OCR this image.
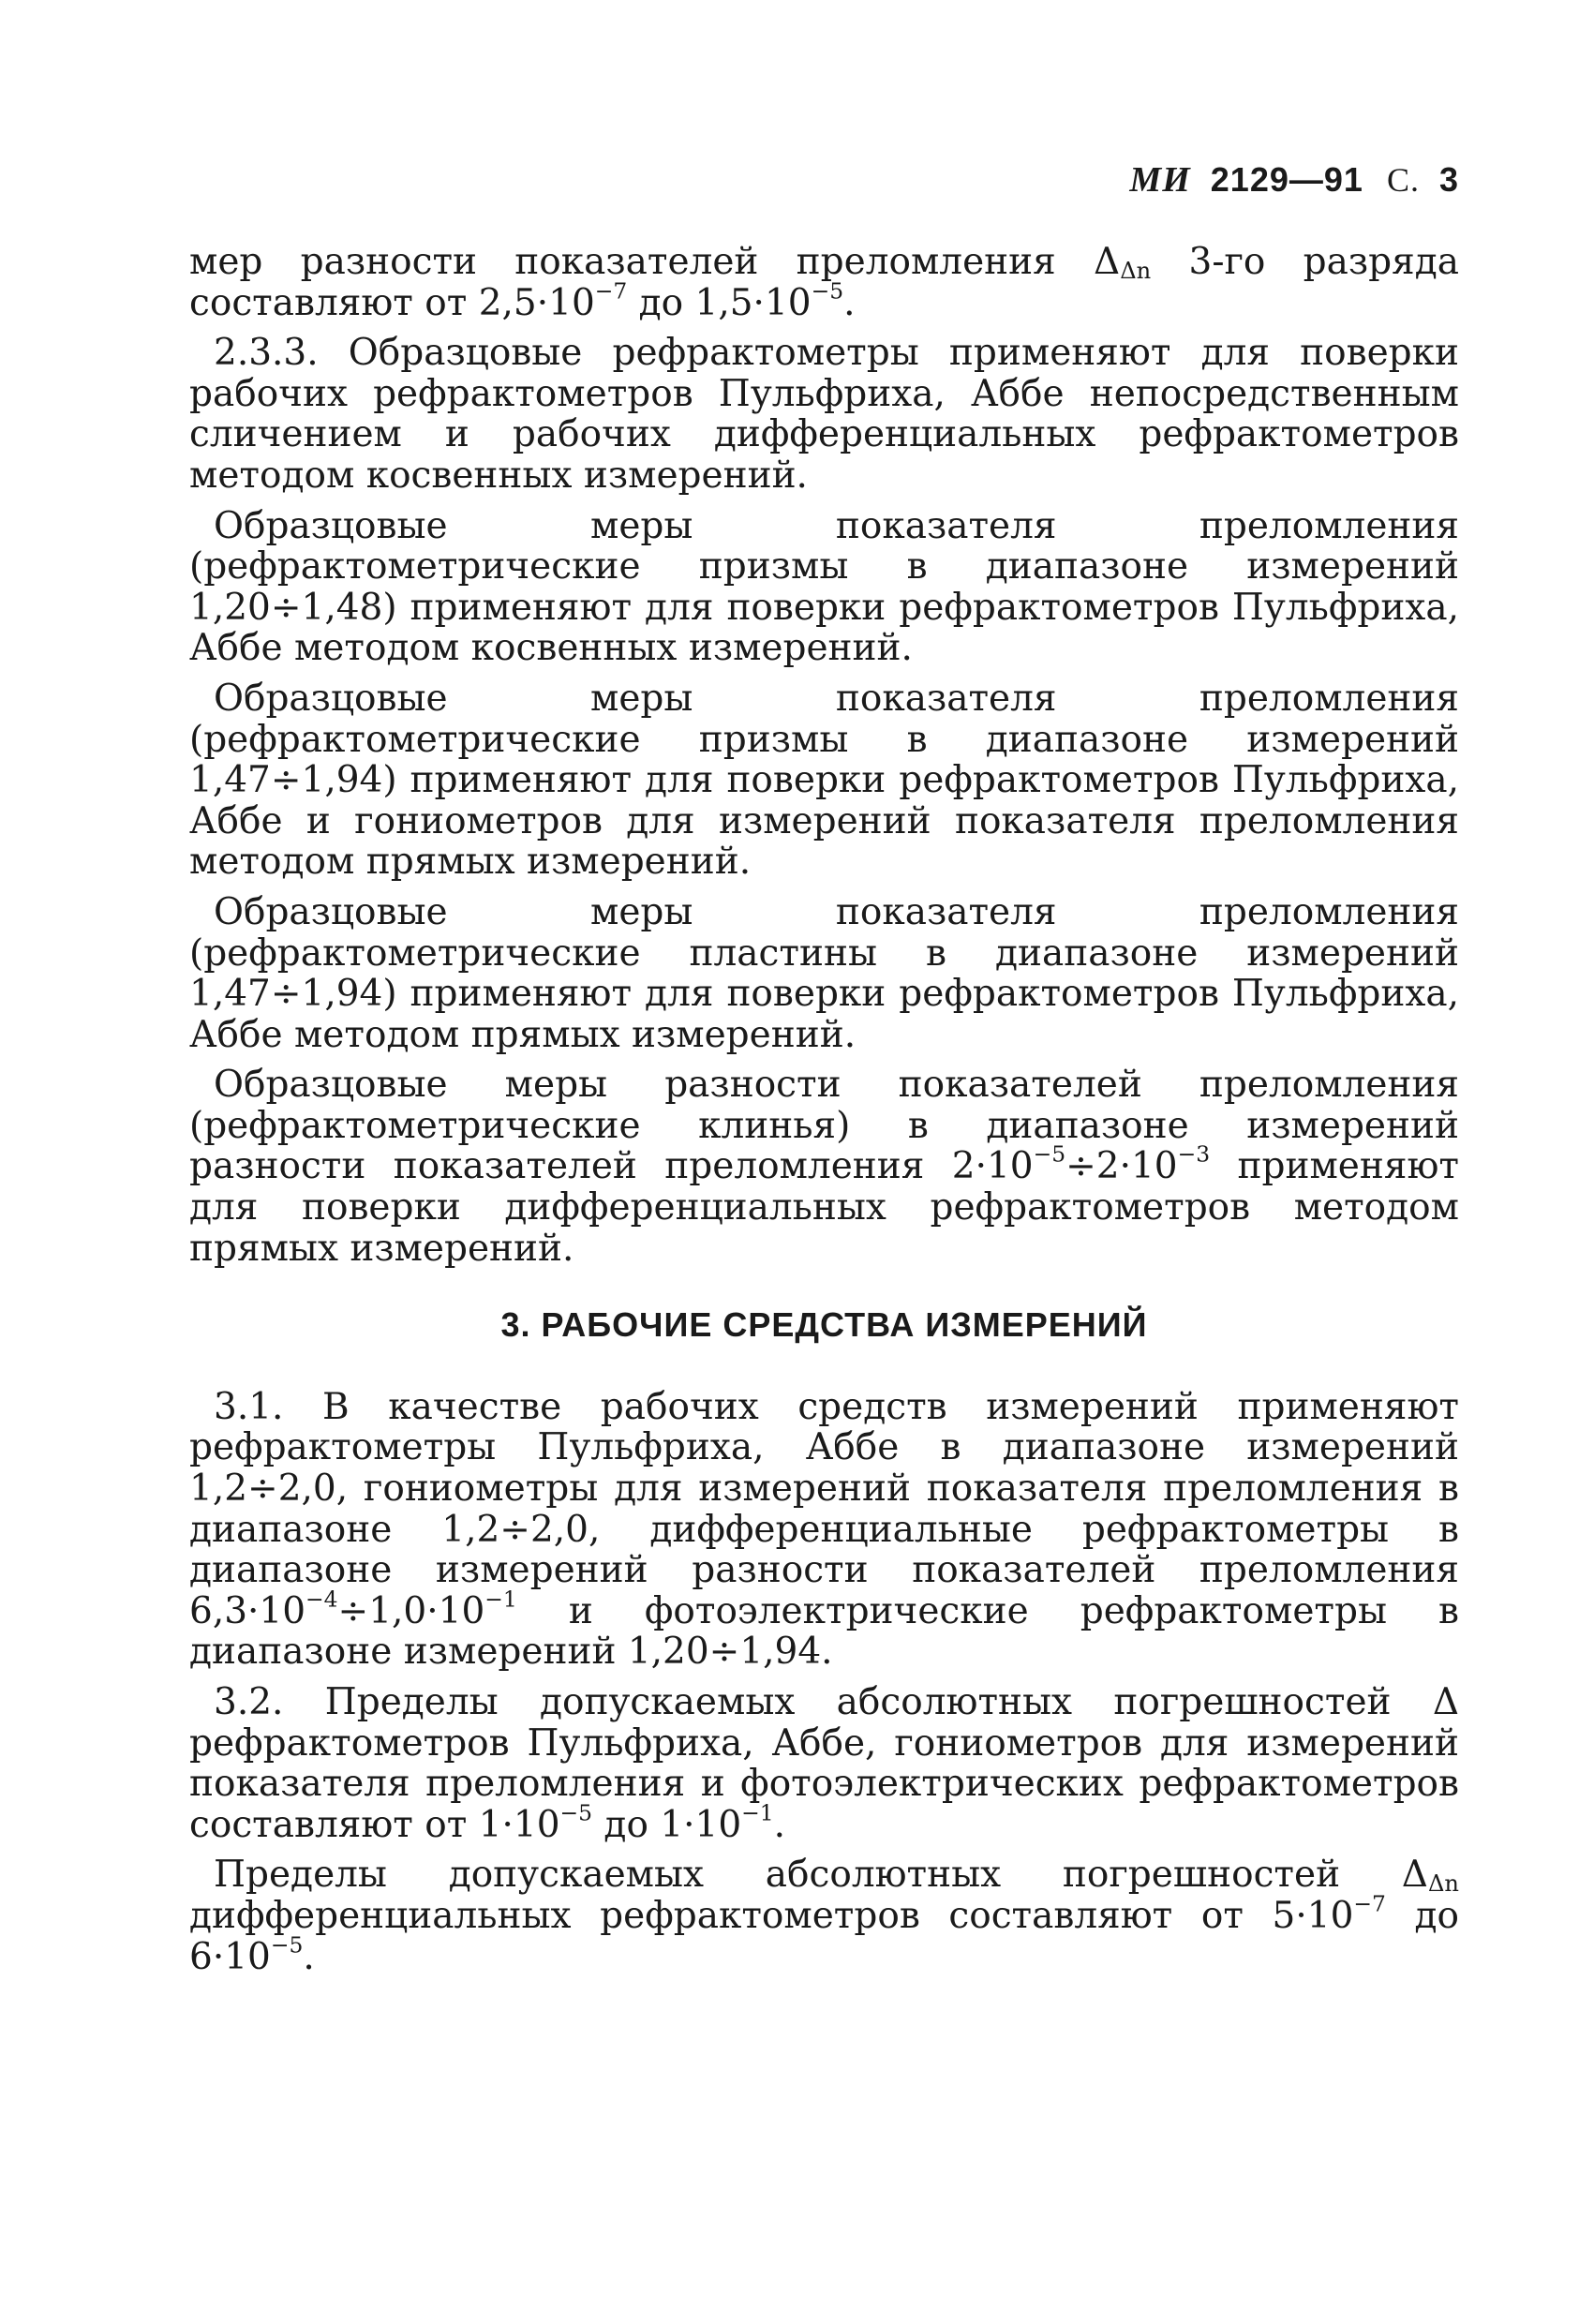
МИ 2129—91 С. 3

мер разности показателей преломления $\Delta_{\Delta n}$ 3-го разряда составляют от $2,5\cdot 10^{-7}$ до $1,5\cdot 10^{-5}$.

2.3.3. Образцовые рефрактометры применяют для поверки рабочих рефрактометров Пульфриха, Аббе непосредственным сличением и рабочих дифференциальных рефрактометров методом косвенных измерений.

Образцовые меры показателя преломления (рефрактометрические призмы в диапазоне измерений 1,20÷1,48) применяют для поверки рефрактометров Пульфриха, Аббе методом косвенных измерений.

Образцовые меры показателя преломления (рефрактометрические призмы в диапазоне измерений 1,47÷1,94) применяют для поверки рефрактометров Пульфриха, Аббе и гониометров для измерений показателя преломления методом прямых измерений.

Образцовые меры показателя преломления (рефрактометрические пластины в диапазоне измерений 1,47÷1,94) применяют для поверки рефрактометров Пульфриха, Аббе методом прямых измерений.

Образцовые меры разности показателей преломления (рефрактометрические клинья) в диапазоне измерений разности показателей преломления $2\cdot 10^{-5}\div 2\cdot 10^{-3}$ применяют для поверки дифференциальных рефрактометров методом прямых измерений.

3. РАБОЧИЕ СРЕДСТВА ИЗМЕРЕНИЙ

3.1. В качестве рабочих средств измерений применяют рефрактометры Пульфриха, Аббе в диапазоне измерений 1,2÷2,0, гониометры для измерений показателя преломления в диапазоне 1,2÷2,0, дифференциальные рефрактометры в диапазоне измерений разности показателей преломления $6,3\cdot 10^{-4}\div 1,0\cdot 10^{-1}$ и фотоэлектрические рефрактометры в диапазоне измерений 1,20÷1,94.

3.2. Пределы допускаемых абсолютных погрешностей Δ рефрактометров Пульфриха, Аббе, гониометров для измерений показателя преломления и фотоэлектрических рефрактометров составляют от $1\cdot 10^{-5}$ до $1\cdot 10^{-1}$.

Пределы допускаемых абсолютных погрешностей $\Delta_{\Delta n}$ дифференциальных рефрактометров составляют от $5\cdot 10^{-7}$ до $6\cdot 10^{-5}$.
